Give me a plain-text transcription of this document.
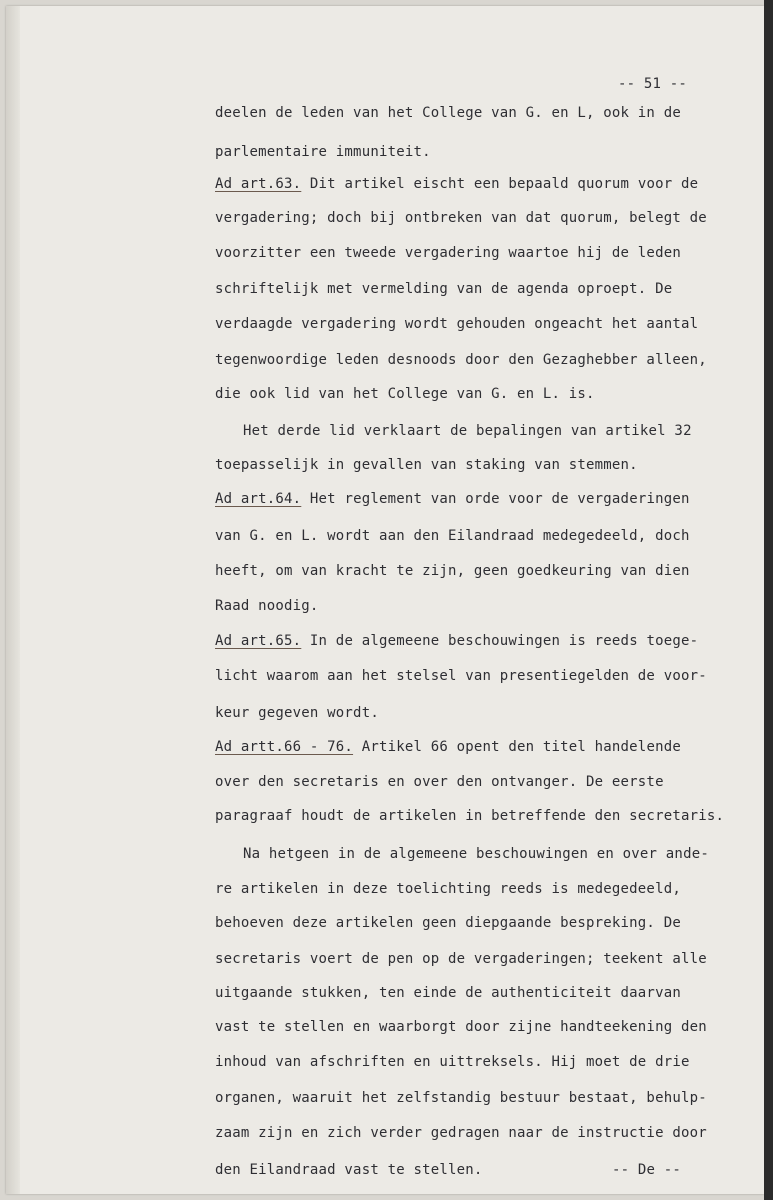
-- 51 --
deelen de leden van het College van G. en L, ook in de
parlementaire immuniteit.
Ad art.63. Dit artikel eischt een bepaald quorum voor de
vergadering; doch bij ontbreken van dat quorum, belegt de
voorzitter een tweede vergadering waartoe hij de leden
schriftelijk met vermelding van de agenda oproept. De
verdaagde vergadering wordt gehouden ongeacht het aantal
tegenwoordige leden desnoods door den Gezaghebber alleen,
die ook lid van het College van G. en L. is.
Het derde lid verklaart de bepalingen van artikel 32
toepasselijk in gevallen van staking van stemmen.
Ad art.64. Het reglement van orde voor de vergaderingen
van G. en L. wordt aan den Eilandraad medegedeeld, doch
heeft, om van kracht te zijn, geen goedkeuring van dien
Raad noodig.
Ad art.65. In de algemeene beschouwingen is reeds toege-
licht waarom aan het stelsel van presentiegelden de voor-
keur gegeven wordt.
Ad artt.66 - 76. Artikel 66 opent den titel handelende
over den secretaris en over den ontvanger. De eerste
paragraaf houdt de artikelen in betreffende den secretaris.
Na hetgeen in de algemeene beschouwingen en over ande-
re artikelen in deze toelichting reeds is medegedeeld,
behoeven deze artikelen geen diepgaande bespreking. De
secretaris voert de pen op de vergaderingen; teekent alle
uitgaande stukken, ten einde de authenticiteit daarvan
vast te stellen en waarborgt door zijne handteekening den
inhoud van afschriften en uittreksels. Hij moet de drie
organen, waaruit het zelfstandig bestuur bestaat, behulp-
zaam zijn en zich verder gedragen naar de instructie door
den Eilandraad vast te stellen.	-- De --
